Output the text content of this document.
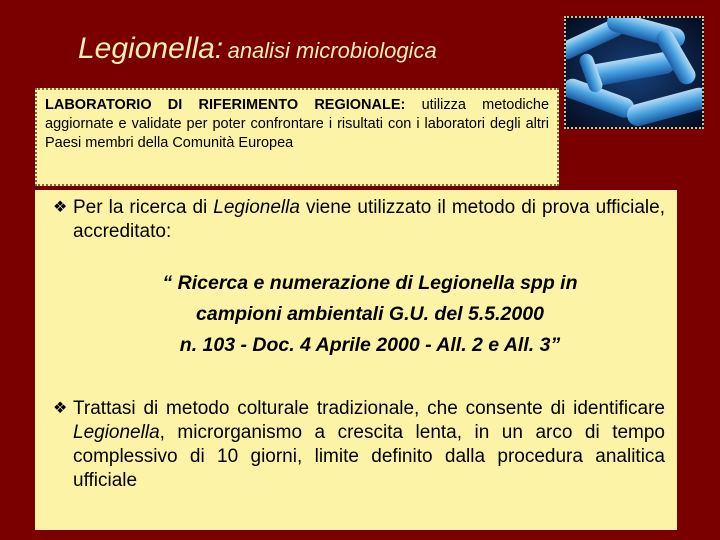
Legionella: analisi microbiologica
LABORATORIO DI RIFERIMENTO REGIONALE: utilizza metodiche aggiornate e validate per poter confrontare i risultati con i laboratori degli altri Paesi membri della Comunità Europea
❖ Per la ricerca di Legionella viene utilizzato il metodo di prova ufficiale, accreditato:
“ Ricerca e numerazione di Legionella spp in
campioni ambientali G.U. del 5.5.2000
n. 103 - Doc. 4 Aprile 2000 - All. 2 e All. 3”
❖ Trattasi di metodo colturale tradizionale, che consente di identificare Legionella, microrganismo a crescita lenta, in un arco di tempo complessivo di 10 giorni, limite definito dalla procedura analitica ufficiale
